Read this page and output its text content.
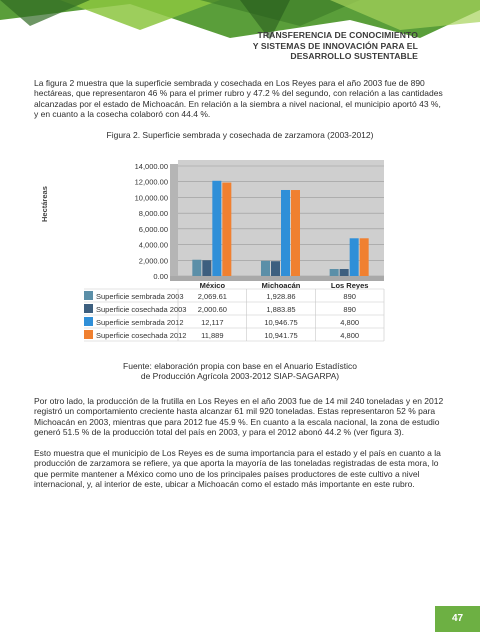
TRANSFERENCIA DE CONOCIMIENTO
Y SISTEMAS DE INNOVACIÓN PARA EL
DESARROLLO SUSTENTABLE
La figura 2 muestra que la superficie sembrada y cosechada en Los Reyes para el año 2003 fue de 890 hectáreas, que representaron 46 % para el primer rubro y 47.2 % del segundo, con relación a las cantidades alcanzadas por el estado de Michoacán. En relación a la siembra a nivel nacional, el municipio aportó 43 %, y en cuanto a la cosecha colaboró con 44.4 %.
Figura 2. Superficie sembrada y cosechada de zarzamora (2003-2012)
0.00
2,000.00
4,000.00
6,000.00
8,000.00
10,000.00
12,000.00
14,000.00
México	Michoacán	Los Reyes
Superficie sembrada 2003 2,069.61	1,928.86	890
Superficie cosechada 2003 2,000.60	1,883.85	890
Superficie sembrada 2012 12,117	10,946.75	4,800
Superficie cosechada 2012 11,889	10,941.75	4,800
Hectáreas
Fuente: elaboración propia con base en el Anuario Estadístico
de Producción Agrícola 2003-2012 SIAP-SAGARPA)
Por otro lado, la producción de la frutilla en Los Reyes en el año 2003 fue de 14 mil 240 toneladas y en 2012 registró un comportamiento creciente hasta alcanzar 61 mil 920 toneladas. Estas representaron 52 % para Michoacán en 2003, mientras que para 2012 fue 45.9 %. En cuanto a la escala nacional, la zona de estudio generó 51.5 % de la producción total del país en 2003, y para el 2012 abonó 44.2 % (ver figura 3).
Esto muestra que el municipio de Los Reyes es de suma importancia para el estado y el país en cuanto a la producción de zarzamora se refiere, ya que aporta la mayoría de las toneladas registradas de esta mora, lo que permite mantener a México como uno de los principales países productores de este cultivo a nivel internacional, y, al interior de este, ubicar a Michoacán como el estado más importante en este rubro.
47
